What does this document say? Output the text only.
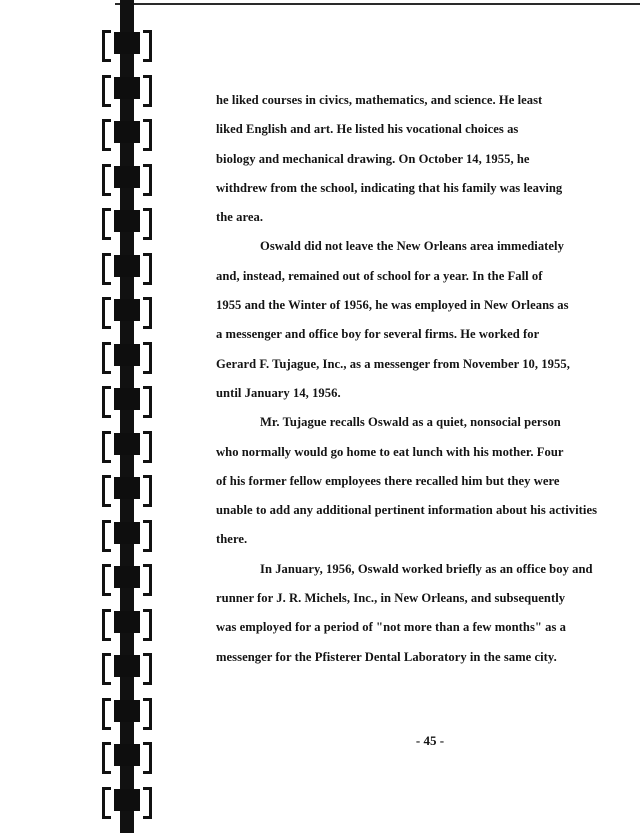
he liked courses in civics, mathematics, and science. He least
liked English and art. He listed his vocational choices as
biology and mechanical drawing. On October 14, 1955, he
withdrew from the school, indicating that his family was leaving
the area.

Oswald did not leave the New Orleans area immediately
and, instead, remained out of school for a year. In the Fall of
1955 and the Winter of 1956, he was employed in New Orleans as
a messenger and office boy for several firms. He worked for
Gerard F. Tujague, Inc., as a messenger from November 10, 1955,
until January 14, 1956.

Mr. Tujague recalls Oswald as a quiet, nonsocial person
who normally would go home to eat lunch with his mother. Four
of his former fellow employees there recalled him but they were
unable to add any additional pertinent information about his activities
there.

In January, 1956, Oswald worked briefly as an office boy and
runner for J. R. Michels, Inc., in New Orleans, and subsequently
was employed for a period of "not more than a few months" as a
messenger for the Pfisterer Dental Laboratory in the same city.

- 45 -
